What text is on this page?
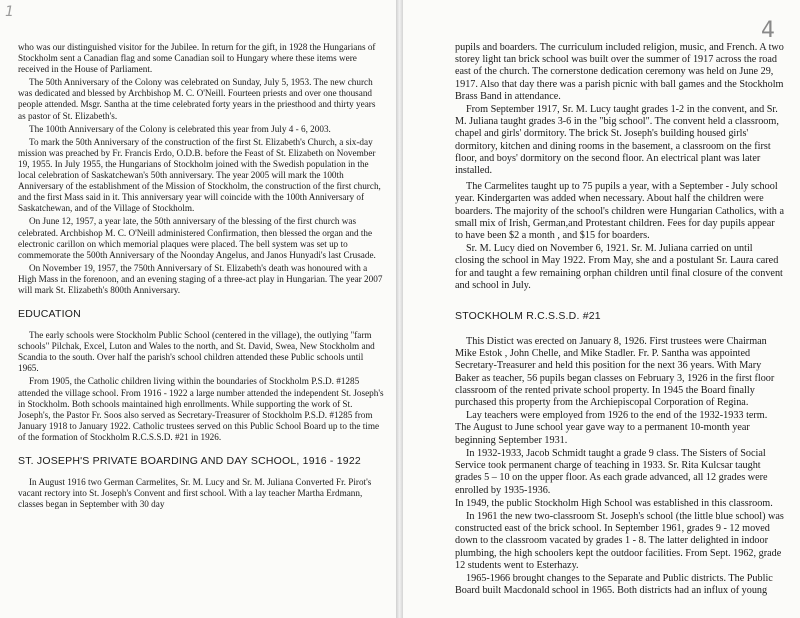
1

who was our distinguished visitor for the Jubilee. In return for the gift, in 1928 the Hungarians of Stockholm sent a Canadian flag and some Canadian soil to Hungary where these items were received in the House of Parliament.

The 50th Anniversary of the Colony was celebrated on Sunday, July 5, 1953. The new church was dedicated and blessed by Archbishop M. C. O'Neill. Fourteen priests and over one thousand people attended. Msgr. Santha at the time celebrated forty years in the priesthood and thirty years as pastor of St. Elizabeth's.

The 100th Anniversary of the Colony is celebrated this year from July 4 - 6, 2003.

To mark the 50th Anniversary of the construction of the first St. Elizabeth's Church, a six-day mission was preached by Fr. Francis Erdo, O.D.B. before the Feast of St. Elizabeth on November 19, 1955. In July 1955, the Hungarians of Stockholm joined with the Swedish population in the local celebration of Saskatchewan's 50th anniversary. The year 2005 will mark the 100th Anniversary of the establishment of the Mission of Stockholm, the construction of the first church, and the first Mass said in it. This anniversary year will coincide with the 100th Anniversary of Saskatchewan, and of the Village of Stockholm.

On June 12, 1957, a year late, the 50th anniversary of the blessing of the first church was celebrated. Archbishop M. C. O'Neill administered Confirmation, then blessed the organ and the electronic carillon on which memorial plaques were placed. The bell system was set up to commemorate the 500th Anniversary of the Noonday Angelus, and Janos Hunyadi's last Crusade.

On November 19, 1957, the 750th Anniversary of St. Elizabeth's death was honoured with a High Mass in the forenoon, and an evening staging of a three-act play in Hungarian. The year 2007 will mark St. Elizabeth's 800th Anniversary.

EDUCATION

The early schools were Stockholm Public School (centered in the village), the outlying "farm schools" Pilchak, Excel, Luton and Wales to the north, and St. David, Swea, New Stockholm and Scandia to the south. Over half the parish's school children attended these Public schools until 1965.

From 1905, the Catholic children living within the boundaries of Stockholm P.S.D. #1285 attended the village school. From 1916 - 1922 a large number attended the independent St. Joseph's in Stockholm. Both schools maintained high enrollments. While supporting the work of St. Joseph's, the Pastor Fr. Soos also served as Secretary-Treasurer of Stockholm P.S.D. #1285 from January 1918 to January 1922. Catholic trustees served on this Public School Board up to the time of the formation of Stockholm R.C.S.S.D. #21 in 1926.

ST. JOSEPH'S PRIVATE BOARDING AND DAY SCHOOL, 1916 - 1922

In August 1916 two German Carmelites, Sr. M. Lucy and Sr. M. Juliana Converted Fr. Pirot's vacant rectory into St. Joseph's Convent and first school. With a lay teacher Martha Erdmann, classes began in September with 30 day

4

pupils and boarders. The curriculum included religion, music, and French. A two storey light tan brick school was built over the summer of 1917 across the road east of the church. The cornerstone dedication ceremony was held on June 29, 1917. Also that day there was a parish picnic with ball games and the Stockholm Brass Band in attendance.

From September 1917, Sr. M. Lucy taught grades 1-2 in the convent, and Sr. M. Juliana taught grades 3-6 in the "big school". The convent held a classroom, chapel and girls' dormitory. The brick St. Joseph's building housed girls' dormitory, kitchen and dining rooms in the basement, a classroom on the first floor, and boys' dormitory on the second floor. An electrical plant was later installed.

The Carmelites taught up to 75 pupils a year, with a September - July school year. Kindergarten was added when necessary. About half the children were boarders. The majority of the school's children were Hungarian Catholics, with a small mix of Irish, German,and Protestant children. Fees for day pupils appear to have been $2 a month , and $15 for boarders.

Sr. M. Lucy died on November 6, 1921. Sr. M. Juliana carried on until closing the school in May 1922. From May, she and a postulant Sr. Laura cared for and taught a few remaining orphan children until final closure of the convent and school in July.

STOCKHOLM R.C.S.S.D. #21

This Distict was erected on January 8, 1926. First trustees were Chairman Mike Estok , John Chelle, and Mike Stadler. Fr. P. Santha was appointed Secretary-Treasurer and held this position for the next 36 years. With Mary Baker as teacher, 56 pupils began classes on February 3, 1926 in the first floor classroom of the rented private school property. In 1945 the Board finally purchased this property from the Archiepiscopal Corporation of Regina.

Lay teachers were employed from 1926 to the end of the 1932-1933 term. The August to June school year gave way to a permanent 10-month year beginning September 1931.

In 1932-1933, Jacob Schmidt taught a grade 9 class. The Sisters of Social Service took permanent charge of teaching in 1933. Sr. Rita Kulcsar taught grades 5 – 10 on the upper floor. As each grade advanced, all 12 grades were enrolled by 1935-1936.

In 1949, the public Stockholm High School was established in this classroom.

In 1961 the new two-classroom St. Joseph's school (the little blue school) was constructed east of the brick school. In September 1961, grades 9 - 12 moved down to the classroom vacated by grades 1 - 8. The latter delighted in indoor plumbing, the high schoolers kept the outdoor facilities. From Sept. 1962, grade 12 students went to Esterhazy.

1965-1966 brought changes to the Separate and Public districts. The Public Board built Macdonald school in 1965. Both districts had an influx of young
